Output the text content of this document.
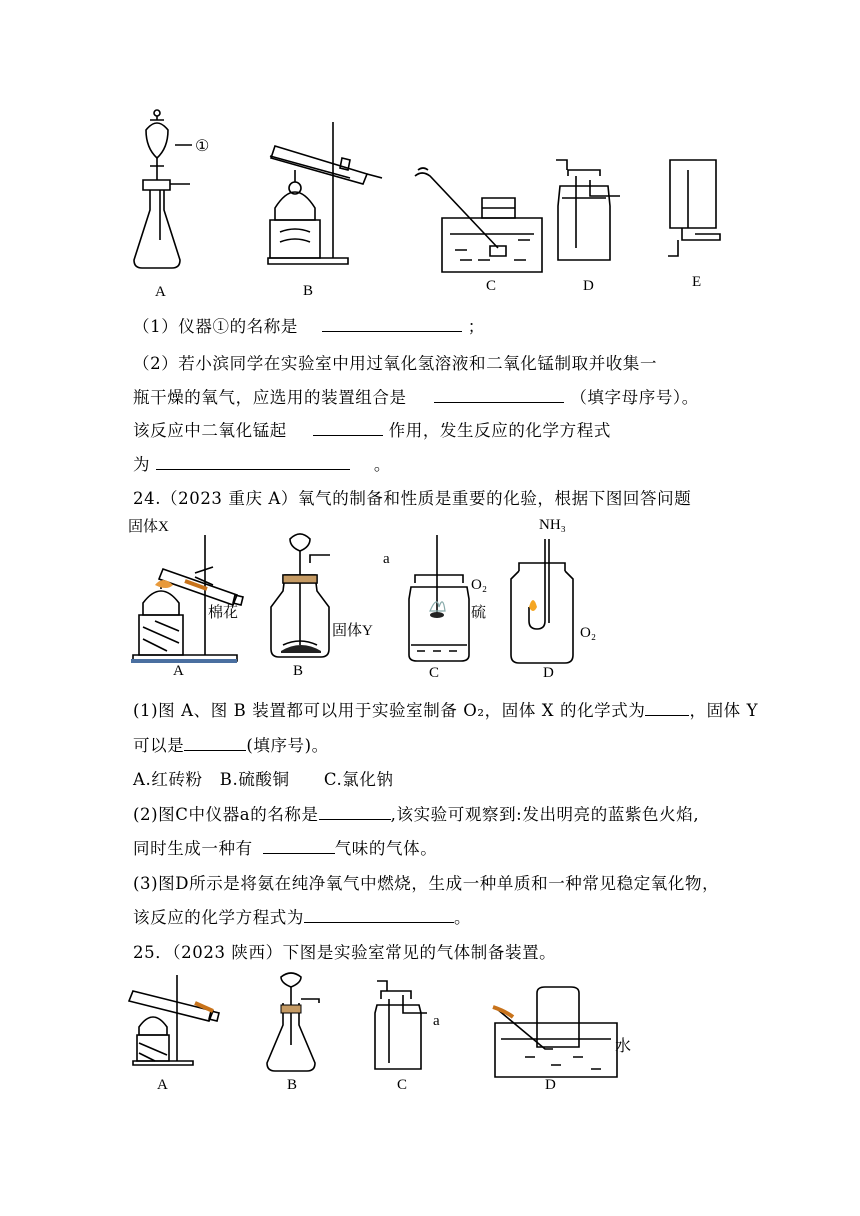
A	B	C	D	E
①
（1）仪器①的名称是	；
（2）若小滨同学在实验室中用过氧化氢溶液和二氧化锰制取并收集一
瓶干燥的氧气，应选用的装置组合是	（填字母序号）。
该反应中二氧化锰起	作用，发生反应的化学方程式
为	。
24.（2023 重庆 A）氧气的制备和性质是重要的化验，根据下图回答问题
固体X
棉花
固体Y
a
O₂
硫
NH₃
O₂
A	B	C	D
(1)图 A、图 B 装置都可以用于实验室制备 O₂，固体 X 的化学式为	，固体 Y
可以是	(填序号)。
A.红砖粉　B.硫酸铜　　C.氯化钠
(2)图C中仪器a的名称是	,该实验可观察到:发出明亮的蓝紫色火焰,
同时生成一种有	气味的气体。
(3)图D所示是将氨在纯净氧气中燃烧，生成一种单质和一种常见稳定氧化物，
该反应的化学方程式为	。
25．（2023 陕西）下图是实验室常见的气体制备装置。
a
水
A	B	C	D
